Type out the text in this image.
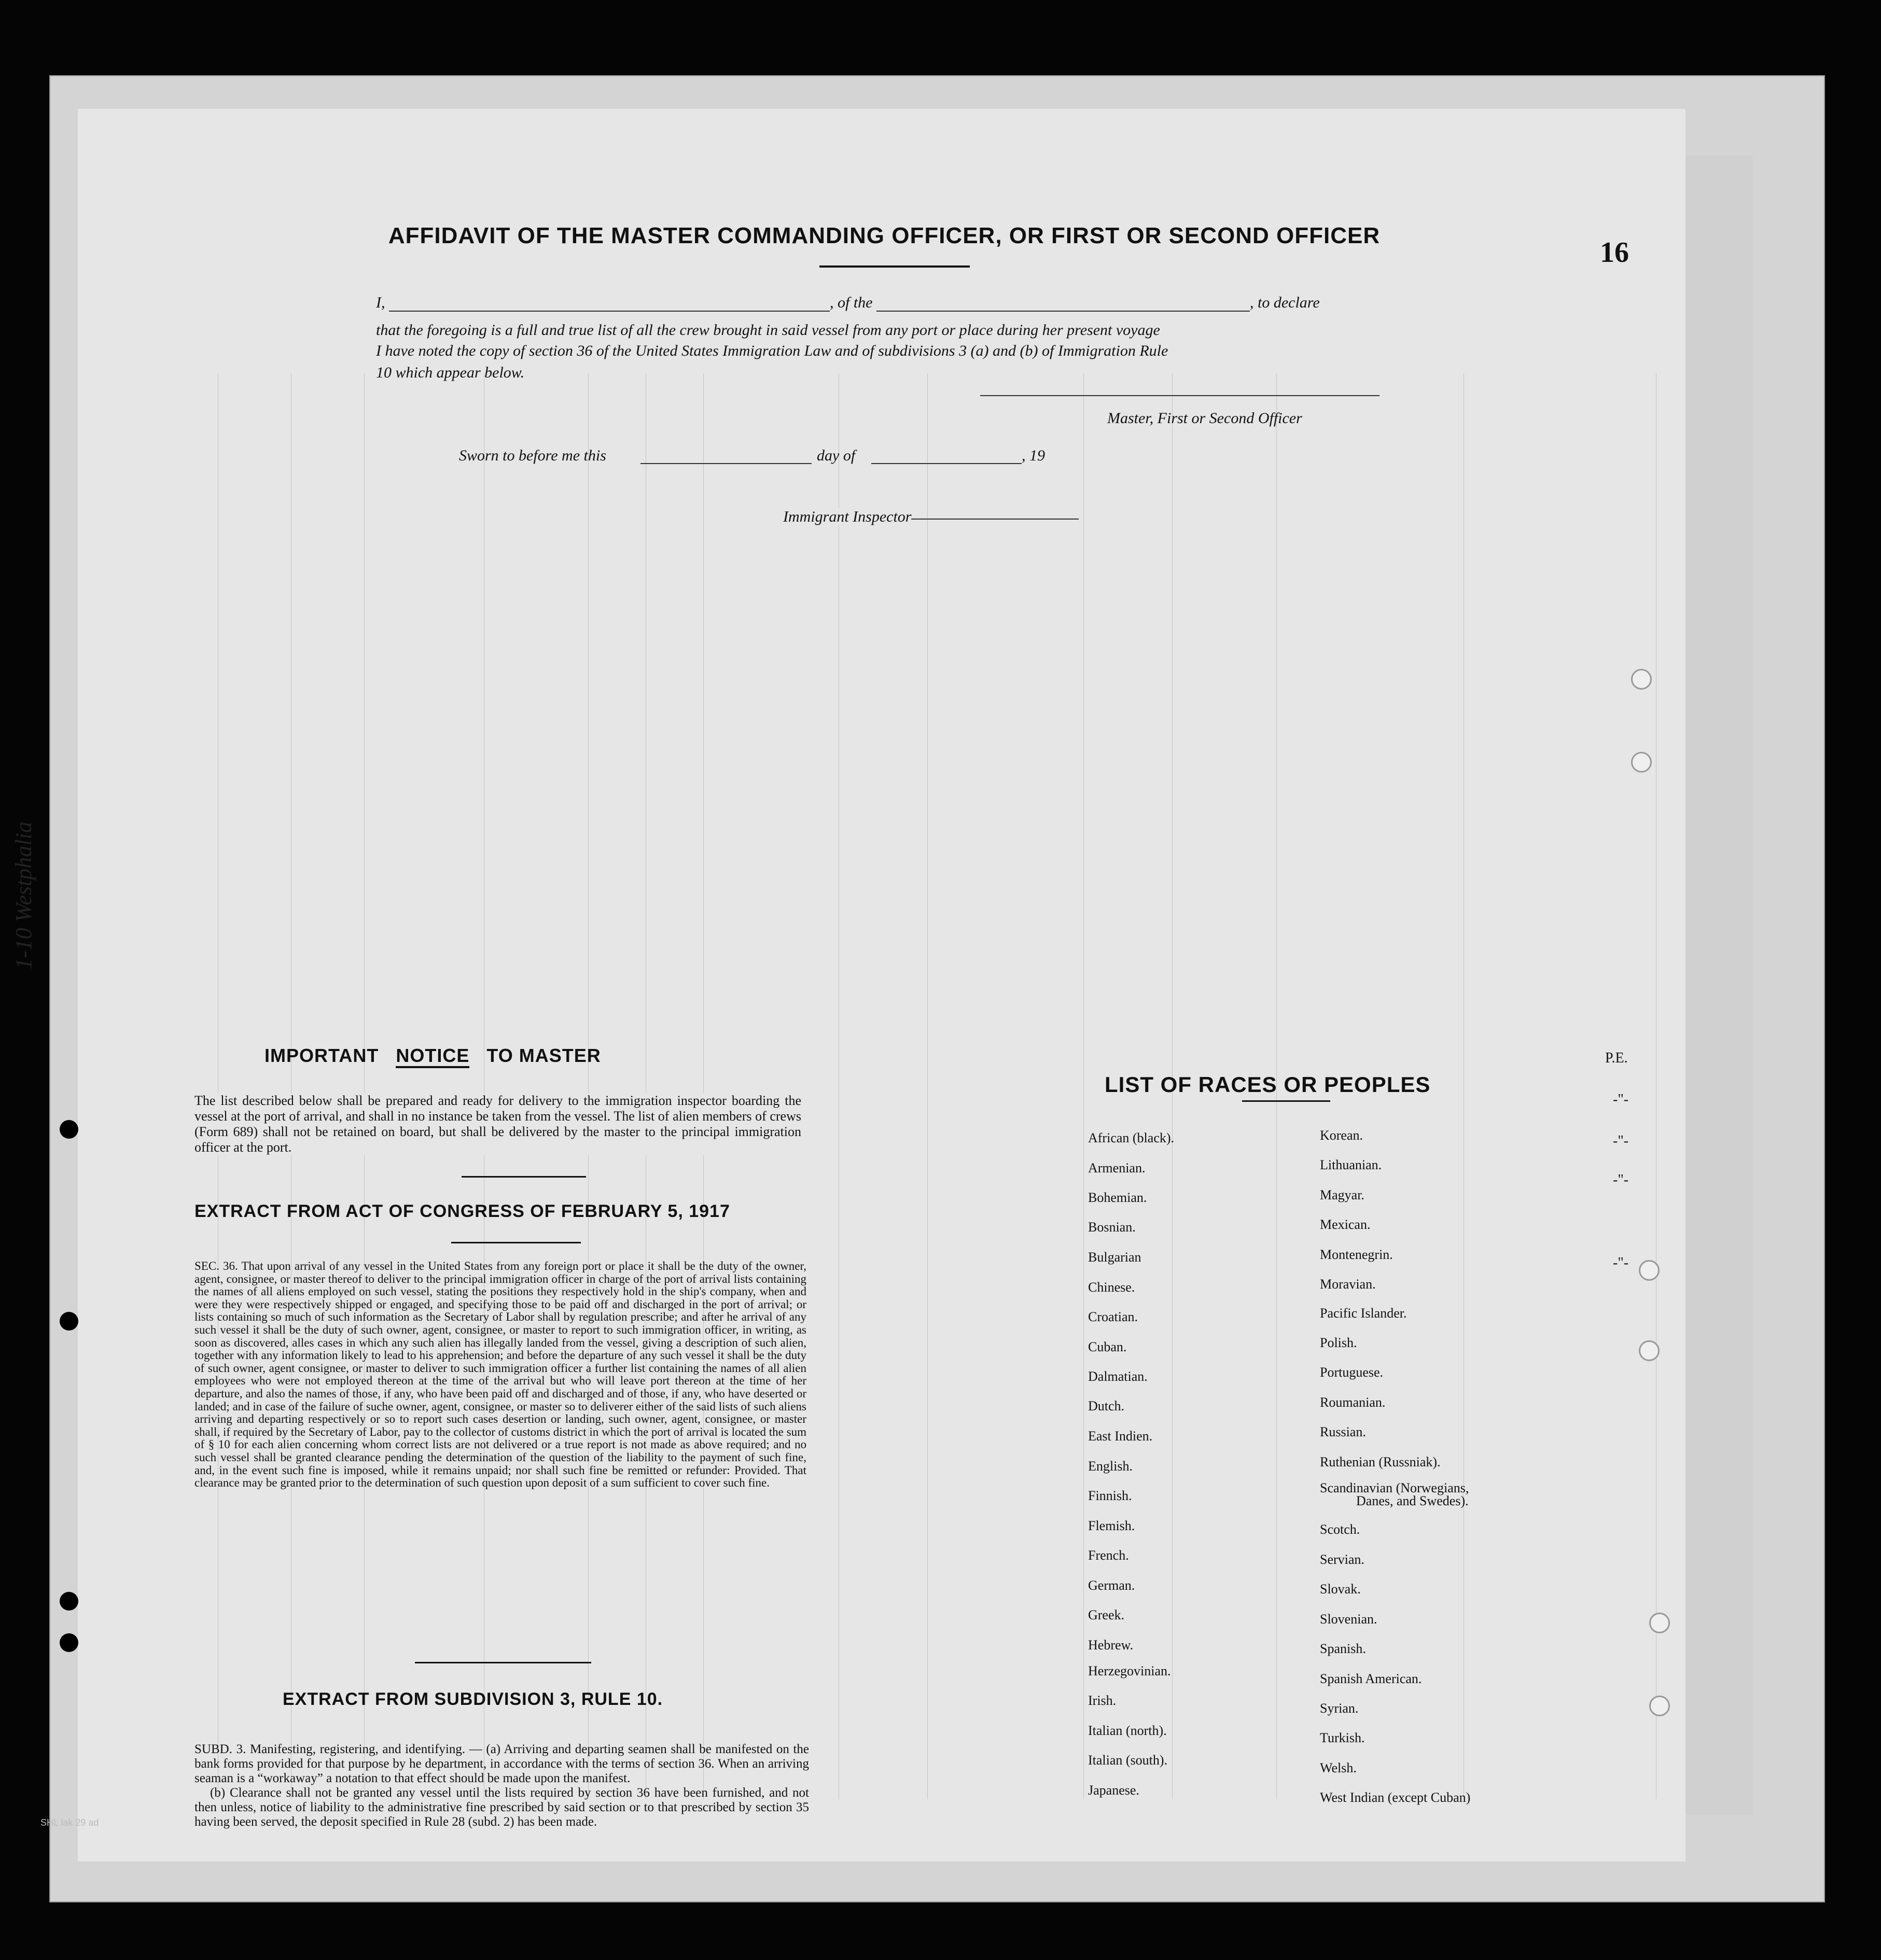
16
1-10 Westphalia
P.E.
-"-
-"-
-"-
-"-
AFFIDAVIT OF THE MASTER COMMANDING OFFICER, OR FIRST OR SECOND OFFICER
I,	, of the	, to declare
that the foregoing is a full and true list of all the crew brought in said vessel from any port or place during her present voyage
I have noted the copy of section 36 of the United States Immigration Law and of subdivisions 3 (a) and (b) of Immigration Rule
10 which appear below.
Master, First or Second Officer
Sworn to before me this	day of	, 19
Immigrant Inspector
IMPORTANT NOTICE TO MASTER
The list described below shall be prepared and ready for delivery to the immigration inspector boarding the vessel at the port of arrival, and shall in no instance be taken from the vessel. The list of alien members of crews (Form 689) shall not be retained on board, but shall be delivered by the master to the principal immigration officer at the port.
EXTRACT FROM ACT OF CONGRESS OF FEBRUARY 5, 1917
SEC. 36. That upon arrival of any vessel in the United States from any foreign port or place it shall be the duty of the owner, agent, consignee, or master thereof to deliver to the principal immigration officer in charge of the port of arrival lists containing the names of all aliens employed on such vessel, stating the positions they respectively hold in the ship's company, when and were they were respectively shipped or engaged, and specifying those to be paid off and discharged in the port of arrival; or lists containing so much of such information as the Secretary of Labor shall by regulation prescribe; and after he arrival of any such vessel it shall be the duty of such owner, agent, consignee, or master to report to such immigration officer, in writing, as soon as discovered, alles cases in which any such alien has illegally landed from the vessel, giving a description of such alien, together with any information likely to lead to his apprehension; and before the departure of any such vessel it shall be the duty of such owner, agent consignee, or master to deliver to such immigration officer a further list containing the names of all alien employees who were not employed thereon at the time of the arrival but who will leave port thereon at the time of her departure, and also the names of those, if any, who have been paid off and discharged and of those, if any, who have deserted or landed; and in case of the failure of suche owner, agent, consignee, or master so to deliverer either of the said lists of such aliens arriving and departing respectively or so to report such cases desertion or landing, such owner, agent, consignee, or master shall, if required by the Secretary of Labor, pay to the collector of customs district in which the port of arrival is located the sum of § 10 for each alien concerning whom correct lists are not delivered or a true report is not made as above required; and no such vessel shall be granted clearance pending the determination of the question of the liability to the payment of such fine, and, in the event such fine is imposed, while it remains unpaid; nor shall such fine be remitted or refunder: Provided. That clearance may be granted prior to the determination of such question upon deposit of a sum sufficient to cover such fine.
EXTRACT FROM SUBDIVISION 3, RULE 10.
SUBD. 3. Manifesting, registering, and identifying. — (a) Arriving and departing seamen shall be manifested on the bank forms provided for that purpose by he department, in accordance with the terms of section 36. When an arriving seaman is a “workaway” a notation to that effect should be made upon the manifest.
(b) Clearance shall not be granted any vessel until the lists required by section 36 have been furnished, and not then unless, notice of liability to the administrative fine prescribed by said section or to that prescribed by section 35 having been served, the deposit specified in Rule 28 (subd. 2) has been made.
SHL lak 29 ad
LIST OF RACES OR PEOPLES
African (black).
Armenian.
Bohemian.
Bosnian.
Bulgarian
Chinese.
Croatian.
Cuban.
Dalmatian.
Dutch.
East Indien.
English.
Finnish.
Flemish.
French.
German.
Greek.
Hebrew.
Herzegovinian.
Irish.
Italian (north).
Italian (south).
Japanese.
Korean.
Lithuanian.
Magyar.
Mexican.
Montenegrin.
Moravian.
Pacific Islander.
Polish.
Portuguese.
Roumanian.
Russian.
Ruthenian (Russniak).
Scandinavian (Norwegians,
Danes, and Swedes).
Scotch.
Servian.
Slovak.
Slovenian.
Spanish.
Spanish American.
Syrian.
Turkish.
Welsh.
West Indian (except Cuban)
